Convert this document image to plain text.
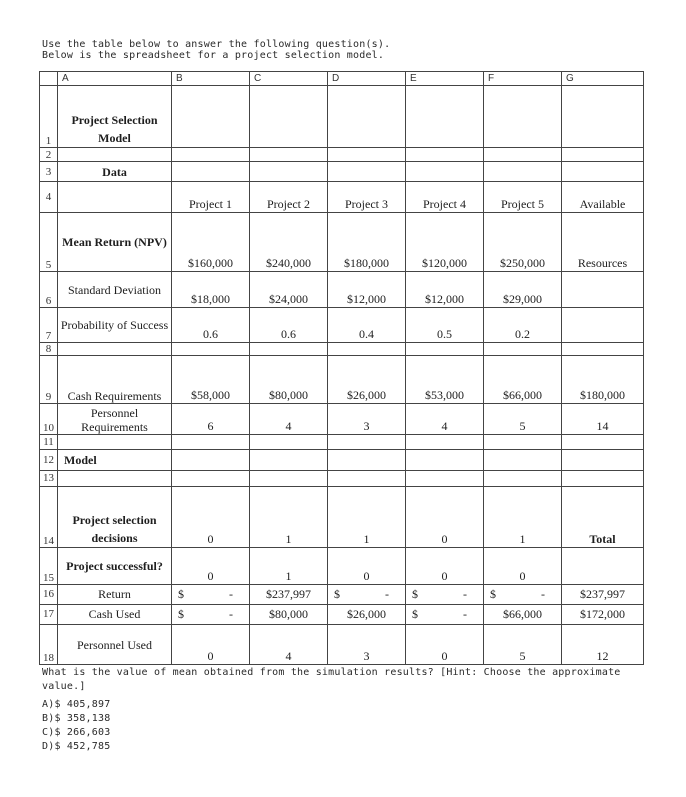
Use the table below to answer the following question(s).
Below is the spreadsheet for a project selection model.
	A	B	C	D	E	F	G
1	Project Selection Model						
2							
3	Data						
4		Project 1	Project 2	Project 3	Project 4	Project 5	Available
5	Mean Return (NPV)	$160,000	$240,000	$180,000	$120,000	$250,000	Resources
6	Standard Deviation	$18,000	$24,000	$12,000	$12,000	$29,000	
7	Probability of Success	0.6	0.6	0.4	0.5	0.2	
8							
9	Cash Requirements	$58,000	$80,000	$26,000	$53,000	$66,000	$180,000
10	Personnel Requirements	6	4	3	4	5	14
11							
12	Model						
13							
14	Project selection decisions	0	1	1	0	1	Total
15	Project successful?	0	1	0	0	0	
16	Return	$ -	$237,997	$ -	$ -	$ -	$237,997
17	Cash Used	$ -	$80,000	$26,000	$ -	$66,000	$172,000
18	Personnel Used	0	4	3	0	5	12
What is the value of mean obtained from the simulation results? [Hint: Choose the approximate value.]
A)$ 405,897
B)$ 358,138
C)$ 266,603
D)$ 452,785
